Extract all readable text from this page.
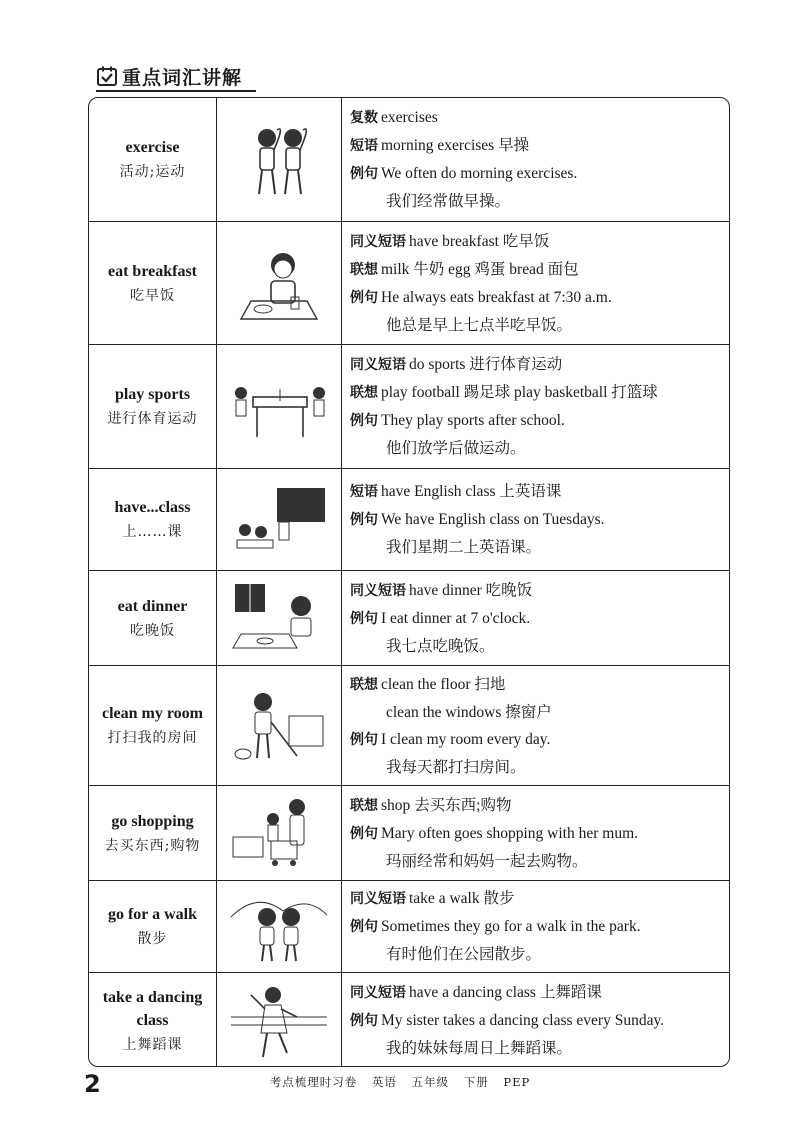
重点词汇讲解
exercise
活动;运动
复数 exercises
短语 morning exercises 早操
例句 We often do morning exercises.
我们经常做早操。
eat breakfast
吃早饭
同义短语 have breakfast 吃早饭
联想 milk 牛奶 egg 鸡蛋 bread 面包
例句 He always eats breakfast at 7:30 a.m.
他总是早上七点半吃早饭。
play sports
进行体育运动
同义短语 do sports 进行体育运动
联想 play football 踢足球 play basketball 打篮球
例句 They play sports after school.
他们放学后做运动。
have...class
上……课
短语 have English class 上英语课
例句 We have English class on Tuesdays.
我们星期二上英语课。
eat dinner
吃晚饭
同义短语 have dinner 吃晚饭
例句 I eat dinner at 7 o'clock.
我七点吃晚饭。
clean my room
打扫我的房间
联想 clean the floor 扫地
clean the windows 擦窗户
例句 I clean my room every day.
我每天都打扫房间。
go shopping
去买东西;购物
联想 shop 去买东西;购物
例句 Mary often goes shopping with her mum.
玛丽经常和妈妈一起去购物。
go for a walk
散步
同义短语 take a walk 散步
例句 Sometimes they go for a walk in the park.
有时他们在公园散步。
take a dancing class
上舞蹈课
同义短语 have a dancing class 上舞蹈课
例句 My sister takes a dancing class every Sunday.
我的妹妹每周日上舞蹈课。
2	考点梳理时习卷 英语 五年级 下册 PEP
